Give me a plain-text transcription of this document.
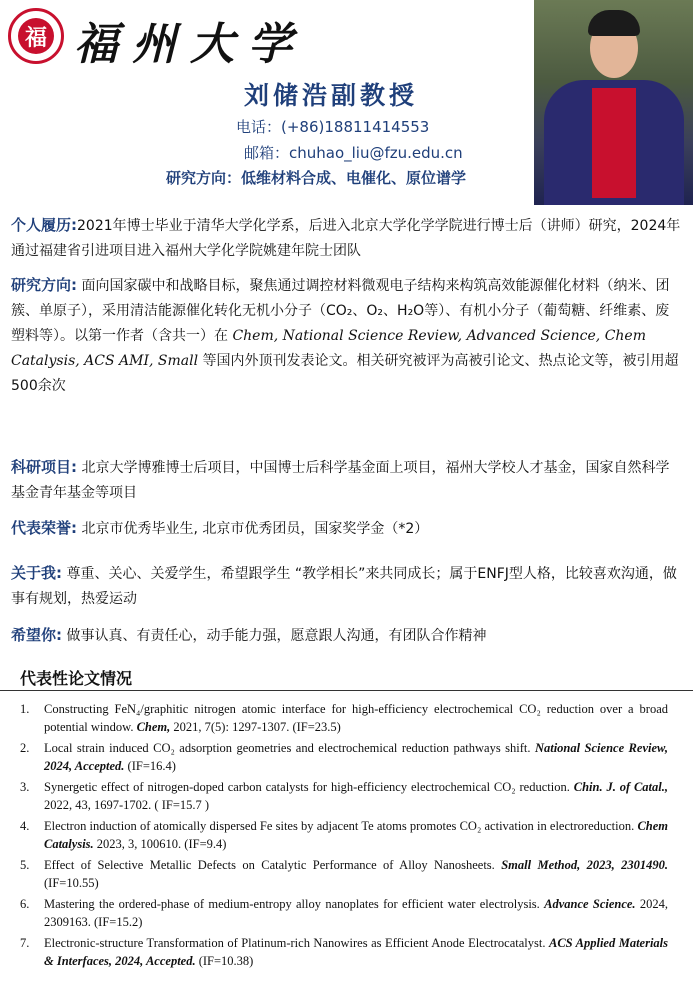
福 福州大学
刘储浩副教授
电话：(+86)18811414553
邮箱：chuhao_liu@fzu.edu.cn
研究方向：低维材料合成、电催化、原位谱学
个人履历:2021年博士毕业于清华大学化学系，后进入北京大学化学学院进行博士后（讲师）研究，2024年通过福建省引进项目进入福州大学化学院姚建年院士团队
研究方向: 面向国家碳中和战略目标，聚焦通过调控材料微观电子结构来构筑高效能源催化材料（纳米、团簇、单原子），采用清洁能源催化转化无机小分子（CO₂、O₂、H₂O等）、有机小分子（葡萄糖、纤维素、废塑料等）。以第一作者（含共一）在 Chem, National Science Review, Advanced Science, Chem Catalysis, ACS AMI, Small 等国内外顶刊发表论文。相关研究被评为高被引论文、热点论文等，被引用超500余次
科研项目: 北京大学博雅博士后项目，中国博士后科学基金面上项目，福州大学校人才基金，国家自然科学基金青年基金等项目
代表荣誉: 北京市优秀毕业生, 北京市优秀团员，国家奖学金（*2）
关于我: 尊重、关心、关爱学生，希望跟学生 “教学相长”来共同成长；属于ENFJ型人格，比较喜欢沟通，做事有规划，热爱运动
希望你: 做事认真、有责任心，动手能力强，愿意跟人沟通，有团队合作精神
代表性论文情况
1. Constructing FeN₄/graphitic nitrogen atomic interface for high-efficiency electrochemical CO₂ reduction over a broad potential window. Chem, 2021, 7(5): 1297-1307. (IF=23.5)
2. Local strain induced CO₂ adsorption geometries and electrochemical reduction pathways shift. National Science Review, 2024, Accepted. (IF=16.4)
3. Synergetic effect of nitrogen-doped carbon catalysts for high-efficiency electrochemical CO₂ reduction. Chin. J. of Catal., 2022, 43, 1697-1702. ( IF=15.7 )
4. Electron induction of atomically dispersed Fe sites by adjacent Te atoms promotes CO₂ activation in electroreduction. Chem Catalysis. 2023, 3, 100610. (IF=9.4)
5. Effect of Selective Metallic Defects on Catalytic Performance of Alloy Nanosheets. Small Method, 2023, 2301490. (IF=10.55)
6. Mastering the ordered-phase of medium-entropy alloy nanoplates for efficient water electrolysis. Advance Science. 2024, 2309163. (IF=15.2)
7. Electronic-structure Transformation of Platinum-rich Nanowires as Efficient Anode Electrocatalyst. ACS Applied Materials & Interfaces, 2024, Accepted. (IF=10.38)
